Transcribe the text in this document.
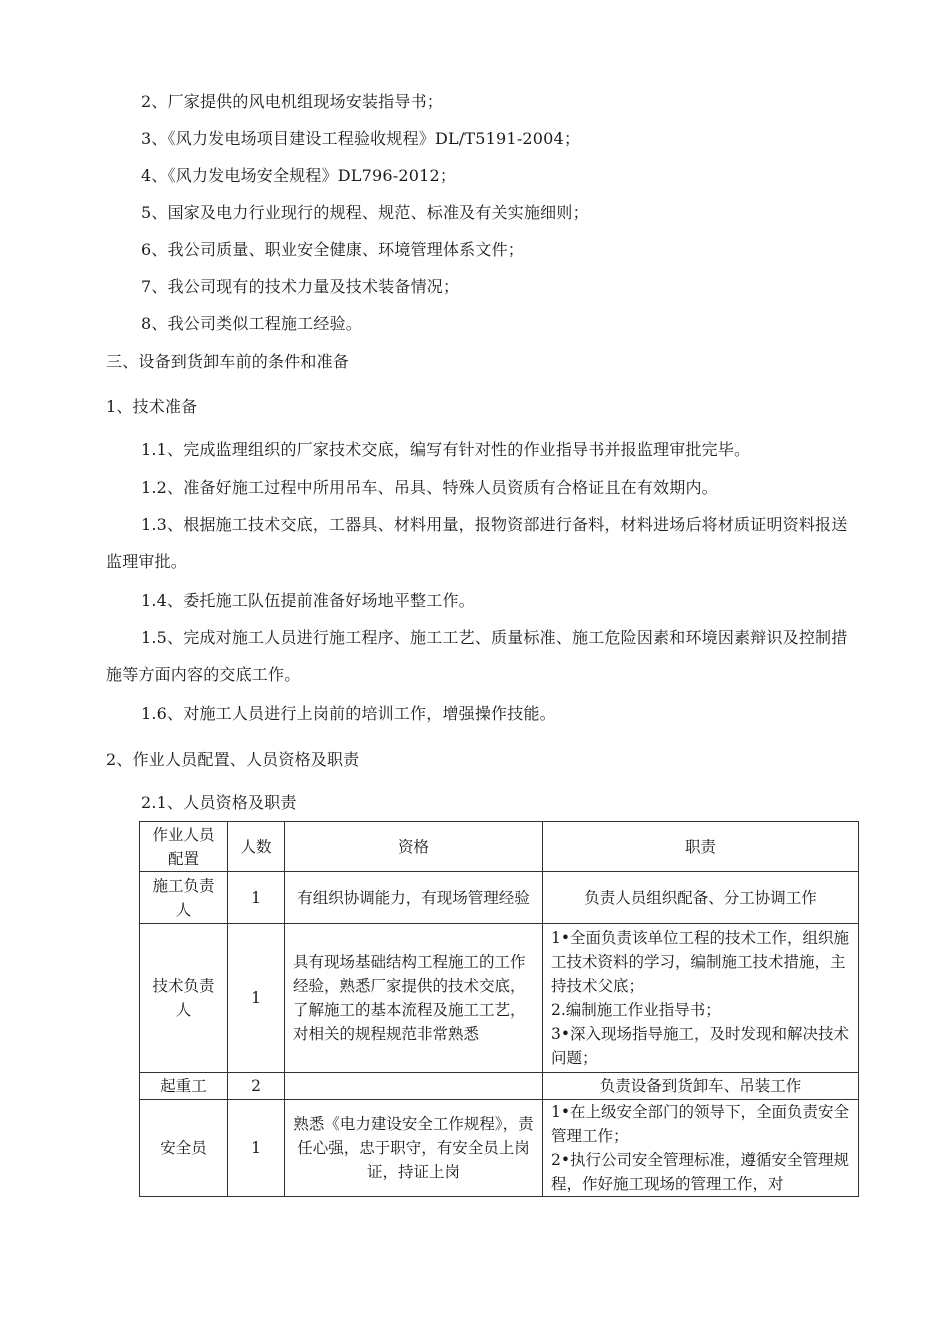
2、厂家提供的风电机组现场安装指导书；
3、《风力发电场项目建设工程验收规程》DL/T5191-2004；
4、《风力发电场安全规程》DL796-2012；
5、国家及电力行业现行的规程、规范、标准及有关实施细则；
6、我公司质量、职业安全健康、环境管理体系文件；
7、我公司现有的技术力量及技术装备情况；
8、我公司类似工程施工经验。
三、设备到货卸车前的条件和准备
1、技术准备
1.1、完成监理组织的厂家技术交底，编写有针对性的作业指导书并报监理审批完毕。
1.2、准备好施工过程中所用吊车、吊具、特殊人员资质有合格证且在有效期内。
1.3、根据施工技术交底，工器具、材料用量，报物资部进行备料，材料进场后将材质证明资料报送
监理审批。
1.4、委托施工队伍提前准备好场地平整工作。
1.5、完成对施工人员进行施工程序、施工工艺、质量标准、施工危险因素和环境因素辩识及控制措
施等方面内容的交底工作。
1.6、对施工人员进行上岗前的培训工作，增强操作技能。
2、作业人员配置、人员资格及职责
2.1、人员资格及职责
作业人员配置	人数	资格	职责
施工负责人	1	有组织协调能力，有现场管理经验	负责人员组织配备、分工协调工作

技术负责人	1	具有现场基础结构工程施工的工作经验，熟悉厂家提供的技术交底，了解施工的基本流程及施工工艺，对相关的规程规范非常熟悉	1•全面负责该单位工程的技术工作，组织施工技术资料的学习，编制施工技术措施，主持技术父底；
2.编制施工作业指导书；
3•深入现场指导施工，及时发现和解决技术问题；

起重工	2		负责设备到货卸车、吊装工作

安全员	1	熟悉《电力建设安全工作规程》，责任心强，忠于职守，有安全员上岗证，持证上岗	1•在上级安全部门的领导下，全面负责安全管理工作；
2•执行公司安全管理标准，遵循安全管理规程，作好施工现场的管理工作，对
